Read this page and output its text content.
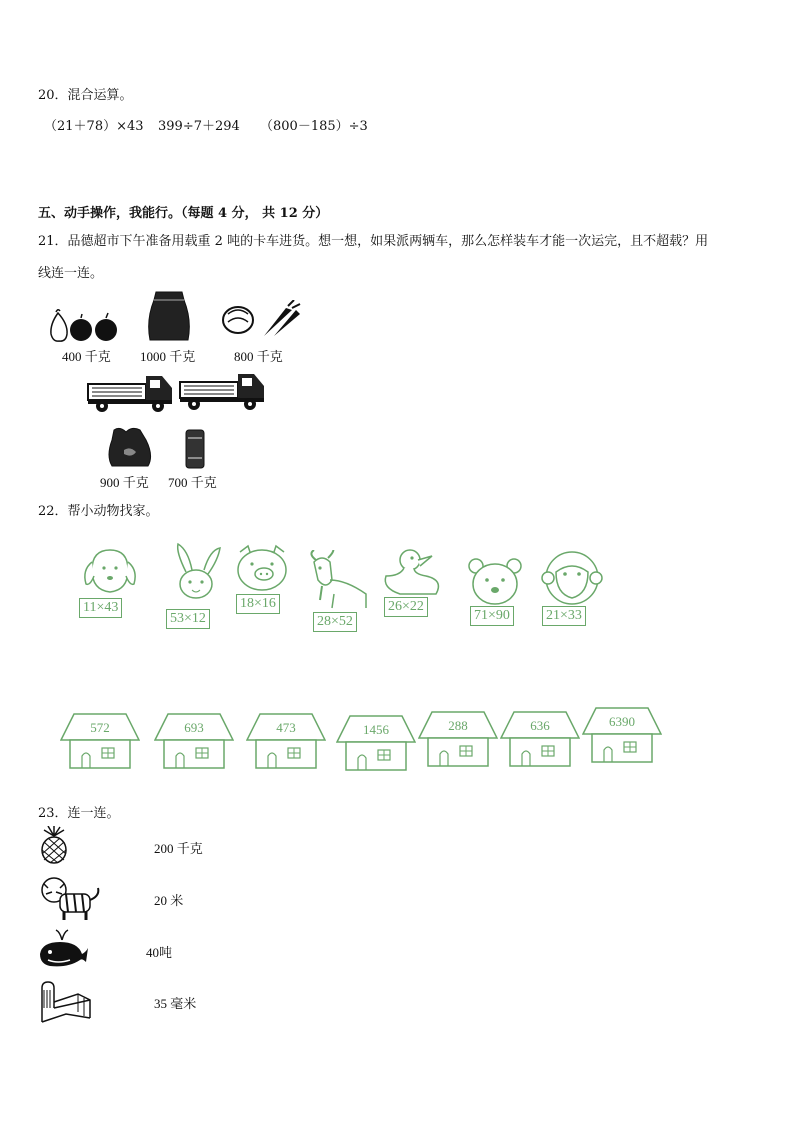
20．混合运算。
（21＋78）×43 399÷7＋294 （800－185）÷3
五、动手操作，我能行。（每题 4 分， 共 12 分）
21．品德超市下午准备用载重 2 吨的卡车进货。想一想，如果派两辆车，那么怎样装车才能一次运完，且不超载？用
线连一连。
400 千克 1000 千克	800 千克
900 千克 700 千克
22．帮小动物找家。
11×43
53×12
18×16
28×52
26×22
71×90	21×33
572	693	473	1456	288	636	6390
23．连一连。
200 千克
20 米
40吨
35 毫米
